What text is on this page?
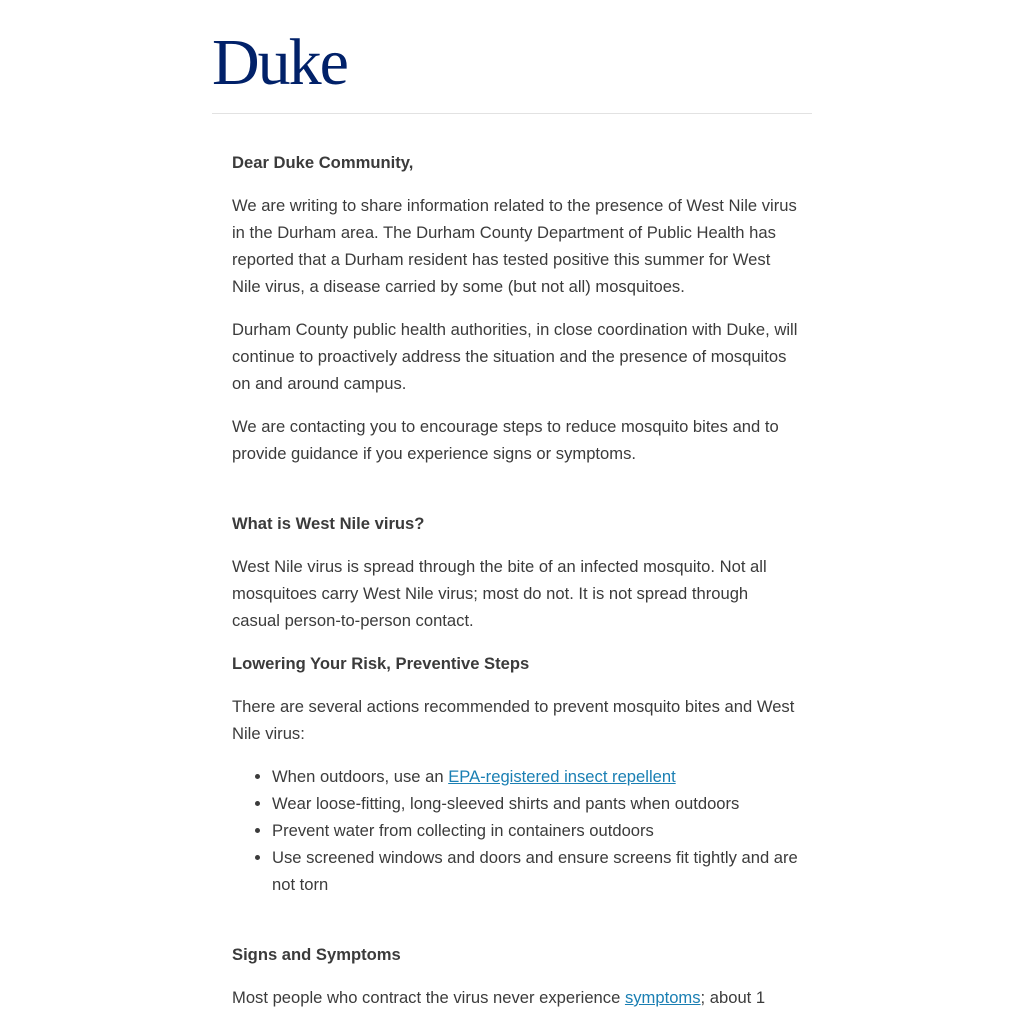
Duke

Dear Duke Community,

We are writing to share information related to the presence of West Nile virus in the Durham area. The Durham County Department of Public Health has reported that a Durham resident has tested positive this summer for West Nile virus, a disease carried by some (but not all) mosquitoes.

Durham County public health authorities, in close coordination with Duke, will continue to proactively address the situation and the presence of mosquitos on and around campus.

We are contacting you to encourage steps to reduce mosquito bites and to provide guidance if you experience signs or symptoms.

What is West Nile virus?

West Nile virus is spread through the bite of an infected mosquito. Not all mosquitoes carry West Nile virus; most do not. It is not spread through casual person-to-person contact.

Lowering Your Risk, Preventive Steps

There are several actions recommended to prevent mosquito bites and West Nile virus:

• When outdoors, use an EPA-registered insect repellent
• Wear loose-fitting, long-sleeved shirts and pants when outdoors
• Prevent water from collecting in containers outdoors
• Use screened windows and doors and ensure screens fit tightly and are not torn

Signs and Symptoms

Most people who contract the virus never experience symptoms; about 1
